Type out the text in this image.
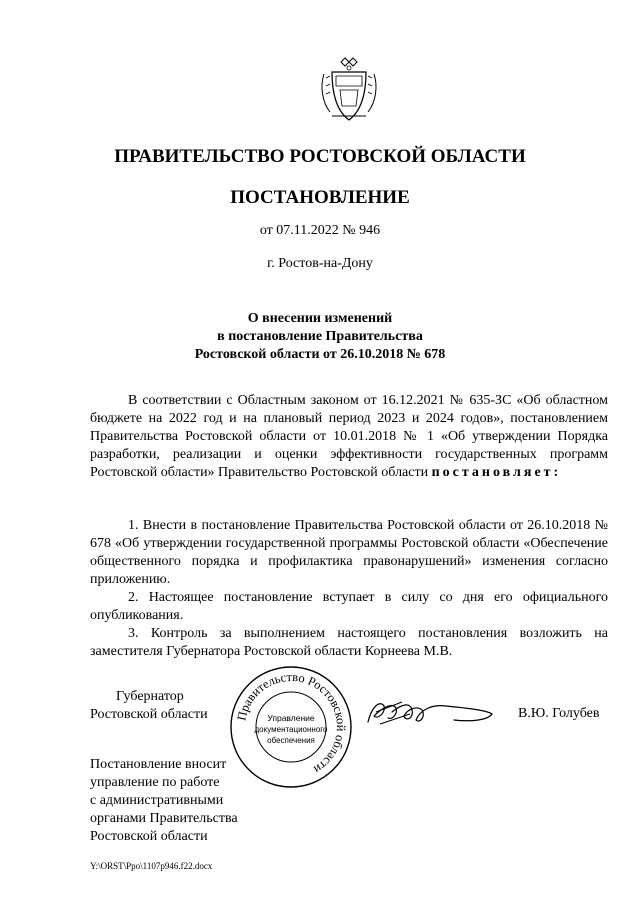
ПРАВИТЕЛЬСТВО РОСТОВСКОЙ ОБЛАСТИ
ПОСТАНОВЛЕНИЕ
от 07.11.2022 № 946
г. Ростов-на-Дону
О внесении изменений
в постановление Правительства
Ростовской области от 26.10.2018 № 678
В соответствии с Областным законом от 16.12.2021 № 635-ЗС «Об областном бюджете на 2022 год и на плановый период 2023 и 2024 годов», постановлением Правительства Ростовской области от 10.01.2018 № 1 «Об утверждении Порядка разработки, реализации и оценки эффективности государственных программ Ростовской области» Правительство Ростовской области постановляет:
1. Внести в постановление Правительства Ростовской области от 26.10.2018 № 678 «Об утверждении государственной программы Ростовской области «Обеспечение общественного порядка и профилактика правонарушений» изменения согласно приложению.
2. Настоящее постановление вступает в силу со дня его официального опубликования.
3. Контроль за выполнением настоящего постановления возложить на заместителя Губернатора Ростовской области Корнеева М.В.
Губернатор
Ростовской области Правительство Ростовской области
Управление
документационного
обеспечения
В.Ю. Голубев
Постановление вносит
управление по работе
с административными
органами Правительства
Ростовской области
Y:\ORST\Ppo\1107p946.f22.docx
